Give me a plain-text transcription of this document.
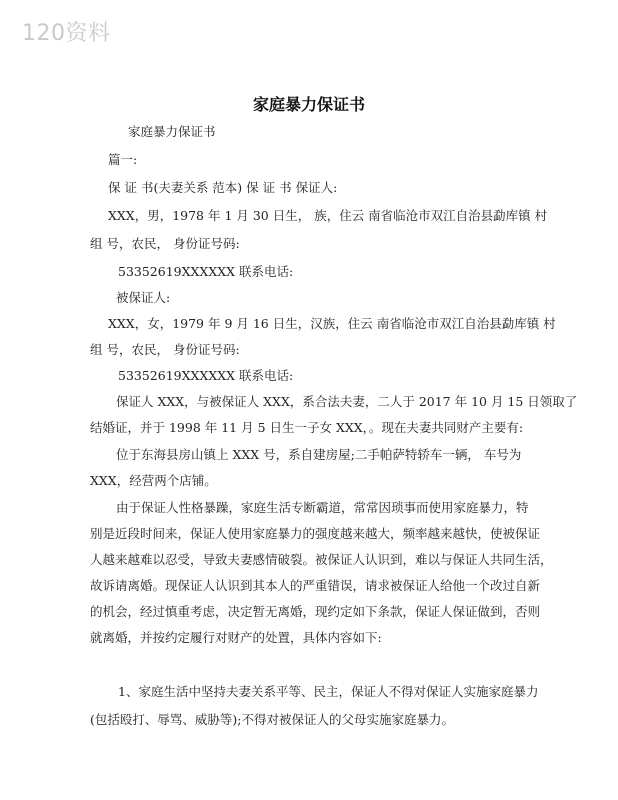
120资料
家庭暴力保证书
家庭暴力保证书
篇一:
保 证 书(夫妻关系 范本) 保 证 书 保证人:
XXX，男，1978 年 1 月 30 日生， 族，住云 南省临沧市双江自治县勐库镇 村
组 号，农民， 身份证号码:
53352619XXXXXX 联系电话:
被保证人:
XXX，女，1979 年 9 月 16 日生，汉族，住云 南省临沧市双江自治县勐库镇 村
组 号，农民， 身份证号码:
53352619XXXXXX 联系电话:
保证人 XXX，与被保证人 XXX，系合法夫妻，二人于 2017 年 10 月 15 日领取了
结婚证，并于 1998 年 11 月 5 日生一子女 XXX，。现在夫妻共同财产主要有:
位于东海县房山镇上 XXX 号，系自建房屋;二手帕萨特轿车一辆， 车号为
XXX，经营两个店铺。
由于保证人性格暴躁，家庭生活专断霸道，常常因琐事而使用家庭暴力，特
别是近段时间来，保证人使用家庭暴力的强度越来越大，频率越来越快，使被保证
人越来越难以忍受，导致夫妻感情破裂。被保证人认识到，难以与保证人共同生活，
故诉请离婚。现保证人认识到其本人的严重错误，请求被保证人给他一个改过自新
的机会，经过慎重考虑，决定暂无离婚，现约定如下条款，保证人保证做到，否则
就离婚，并按约定履行对财产的处置，具体内容如下:
1、家庭生活中坚持夫妻关系平等、民主，保证人不得对保证人实施家庭暴力
(包括殴打、辱骂、威胁等);不得对被保证人的父母实施家庭暴力。
